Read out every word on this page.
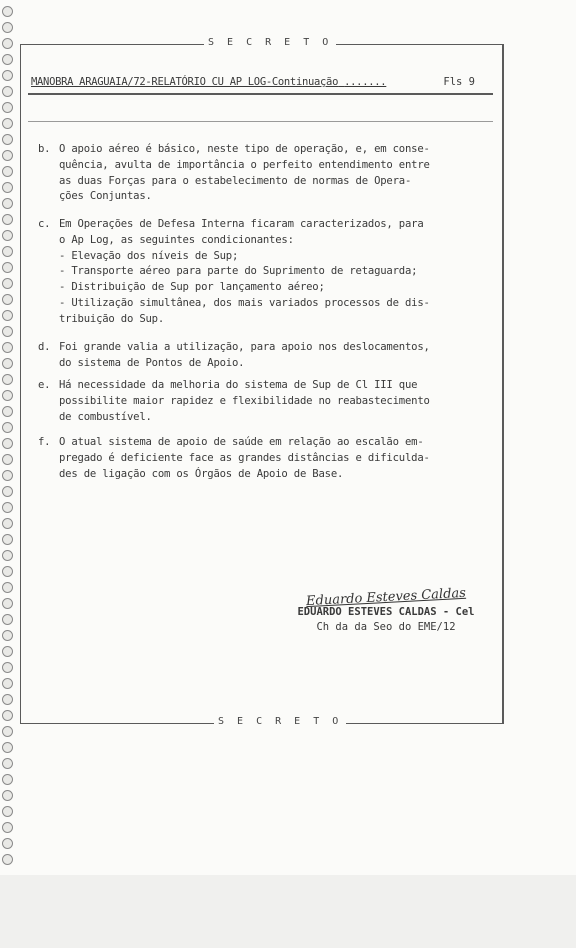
S E C R E T O
MANOBRA ARAGUAIA/72-RELATÓRIO CU AP LOG-Continuação .......	Fls 9
b. O apoio aéreo é básico, neste tipo de operação, e, em conse-

quência, avulta de importância o perfeito entendimento entre

as duas Forças para o estabelecimento de normas de Opera-

ções Conjuntas.

c. Em Operações de Defesa Interna ficaram caracterizados, para

o Ap Log, as seguintes condicionantes:

- Elevação dos níveis de Sup;

- Transporte aéreo para parte do Suprimento de retaguarda;

- Distribuição de Sup por lançamento aéreo;

- Utilização simultânea, dos mais variados processos de dis-

tribuição do Sup.

d. Foi grande valia a utilização, para apoio nos deslocamentos,

do sistema de Pontos de Apoio.

e. Há necessidade da melhoria do sistema de Sup de Cl III que

possibilite maior rapidez e flexibilidade no reabastecimento

de combustível.

f. O atual sistema de apoio de saúde em relação ao escalão em-

pregado é deficiente face as grandes distâncias e dificulda-

des de ligação com os Órgãos de Apoio de Base.

Eduardo Esteves Caldas
EDUARDO ESTEVES CALDAS - Cel
Ch da da Seo do EME/12
S E C R E T O
